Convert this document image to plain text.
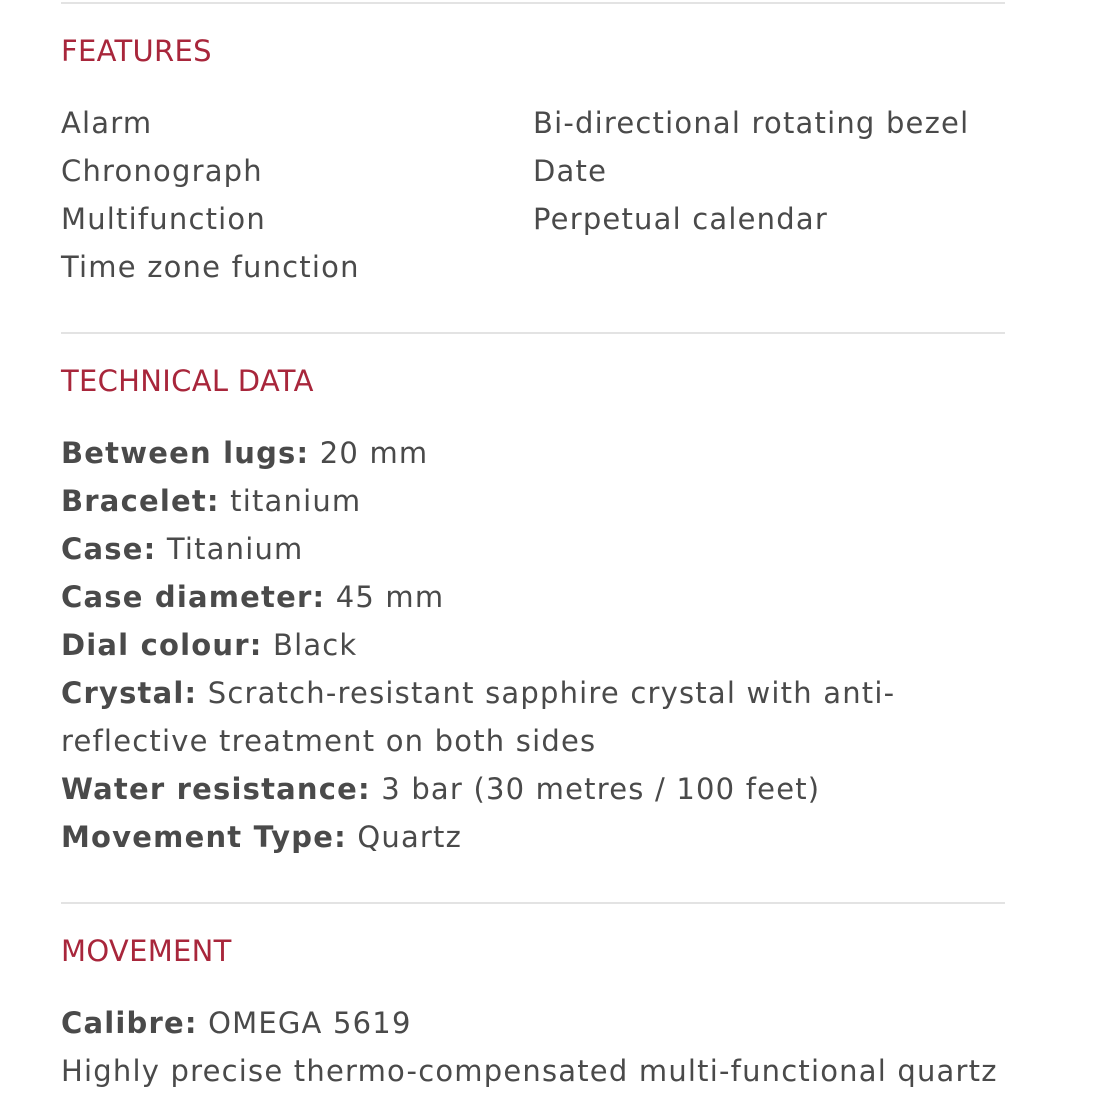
FEATURES
Alarm	Bi-directional rotating bezel
Chronograph	Date
Multifunction	Perpetual calendar
Time zone function
TECHNICAL DATA
Between lugs: 20 mm
Bracelet: titanium
Case: Titanium
Case diameter: 45 mm
Dial colour: Black
Crystal: Scratch-resistant sapphire crystal with anti-reflective treatment on both sides
Water resistance: 3 bar (30 metres / 100 feet)
Movement Type: Quartz
MOVEMENT
Calibre: OMEGA 5619
Highly precise thermo-compensated multi-functional quartz
